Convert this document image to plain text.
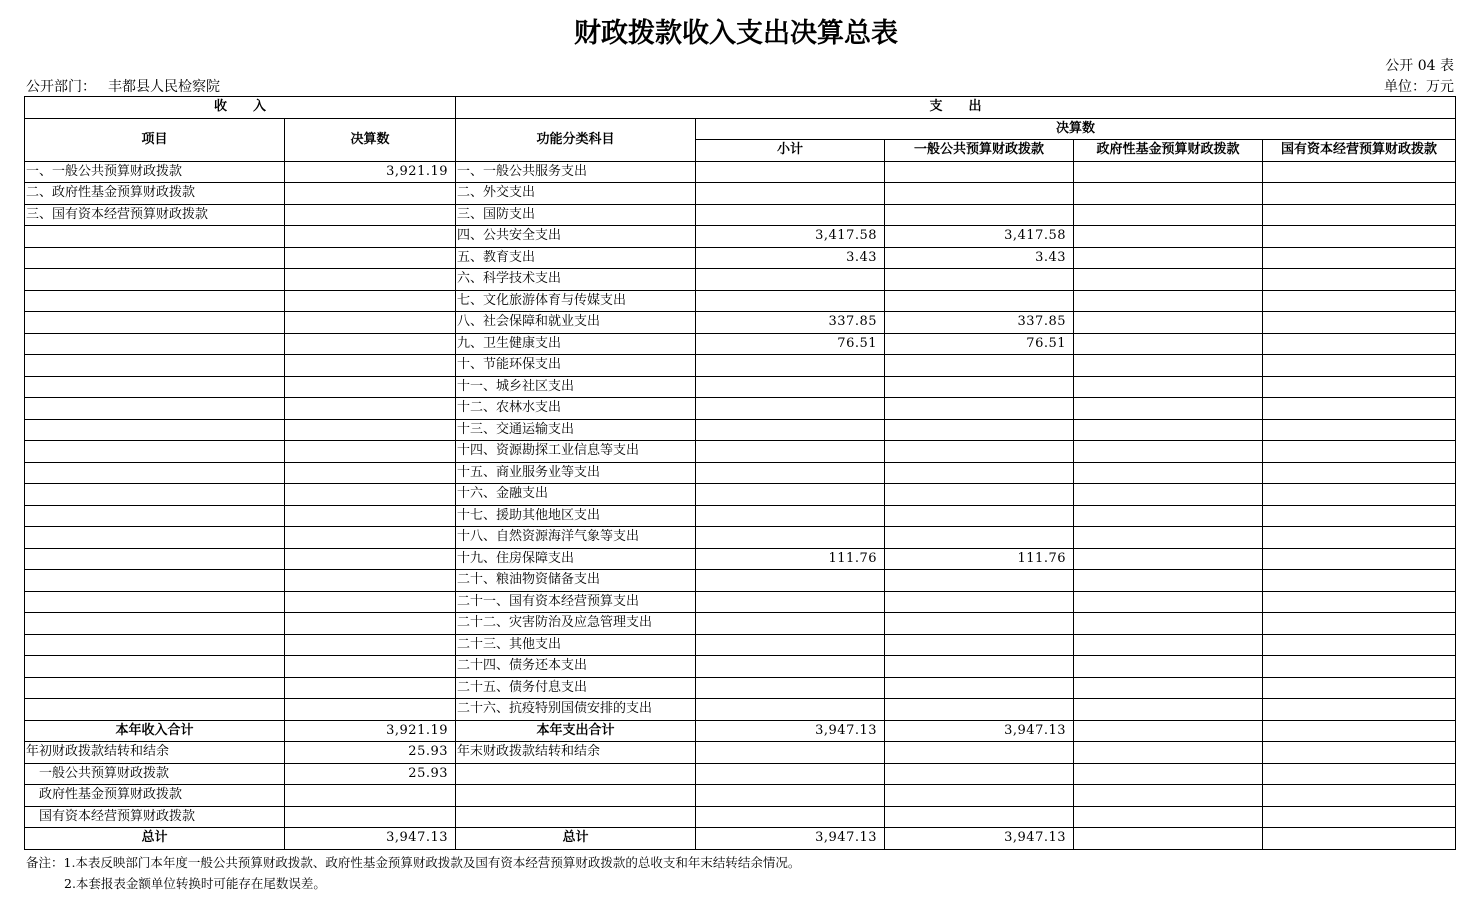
财政拨款收入支出决算总表
公开 04 表
公开部门： 丰都县人民检察院	单位：万元
收　　入		支　　出				
项目	决算数	功能分类科目	决算数			
			小计	一般公共预算财政拨款	政府性基金预算财政拨款	国有资本经营预算财政拨款
一、一般公共预算财政拨款	3,921.19	一、一般公共服务支出				
二、政府性基金预算财政拨款		二、外交支出				
三、国有资本经营预算财政拨款		三、国防支出				
		四、公共安全支出	3,417.58	3,417.58		
		五、教育支出	3.43	3.43		
		六、科学技术支出				
		七、文化旅游体育与传媒支出				
		八、社会保障和就业支出	337.85	337.85		
		九、卫生健康支出	76.51	76.51		
		十、节能环保支出				
		十一、城乡社区支出				
		十二、农林水支出				
		十三、交通运输支出				
		十四、资源勘探工业信息等支出				
		十五、商业服务业等支出				
		十六、金融支出				
		十七、援助其他地区支出				
		十八、自然资源海洋气象等支出				
		十九、住房保障支出	111.76	111.76		
		二十、粮油物资储备支出				
		二十一、国有资本经营预算支出				
		二十二、灾害防治及应急管理支出				
		二十三、其他支出				
		二十四、债务还本支出				
		二十五、债务付息支出				
		二十六、抗疫特别国债安排的支出				
本年收入合计	3,921.19	本年支出合计	3,947.13	3,947.13		
年初财政拨款结转和结余	25.93	年末财政拨款结转和结余				
一般公共预算财政拨款	25.93					
政府性基金预算财政拨款						
国有资本经营预算财政拨款						
总计	3,947.13	总计	3,947.13	3,947.13		
备注：1.本表反映部门本年度一般公共预算财政拨款、政府性基金预算财政拨款及国有资本经营预算财政拨款的总收支和年末结转结余情况。
2.本套报表金额单位转换时可能存在尾数误差。
